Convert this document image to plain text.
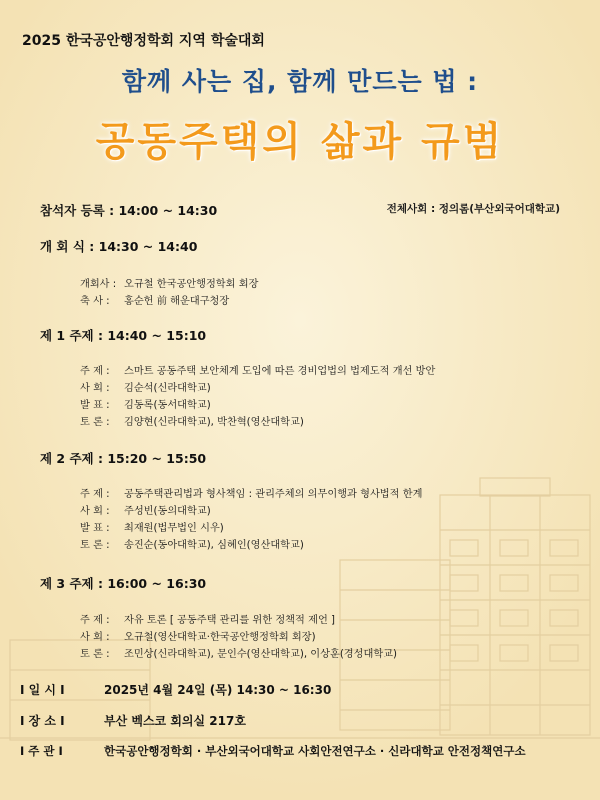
2025 한국공안행정학회 지역 학술대회
함께 사는 집, 함께 만드는 법 :
공동주택의 삶과 규범
참석자 등록 : 14:00 ~ 14:30	전체사회 : 정의롬(부산외국어대학교)
개 회 식 : 14:30 ~ 14:40
개회사 : 오규철 한국공안행정학회 회장
축 사 : 홍순헌 前 해운대구청장
제 1 주제 : 14:40 ~ 15:10
주 제 : 스마트 공동주택 보안체계 도입에 따른 경비업법의 법제도적 개선 방안
사 회 : 김순석(신라대학교)
발 표 : 김동록(동서대학교)
토 론 : 김양현(신라대학교), 박찬혁(영산대학교)
제 2 주제 : 15:20 ~ 15:50
주 제 : 공동주택관리법과 형사책임 : 관리주체의 의무이행과 형사법적 한계
사 회 : 주성빈(동의대학교)
발 표 : 최재원(법무법인 시우)
토 론 : 송진순(동아대학교), 심혜인(영산대학교)
제 3 주제 : 16:00 ~ 16:30
주 제 : 자유 토론 [ 공동주택 관리를 위한 정책적 제언 ]
사 회 : 오규철(영산대학교·한국공안행정학회 회장)
토 론 : 조민상(신라대학교), 문인수(영산대학교), 이상훈(경성대학교)
I 일 시 I	2025년 4월 24일 (목) 14:30 ~ 16:30
I 장 소 I	부산 벡스코 회의실 217호
I 주 관 I	한국공안행정학회 · 부산외국어대학교 사회안전연구소 · 신라대학교 안전정책연구소
